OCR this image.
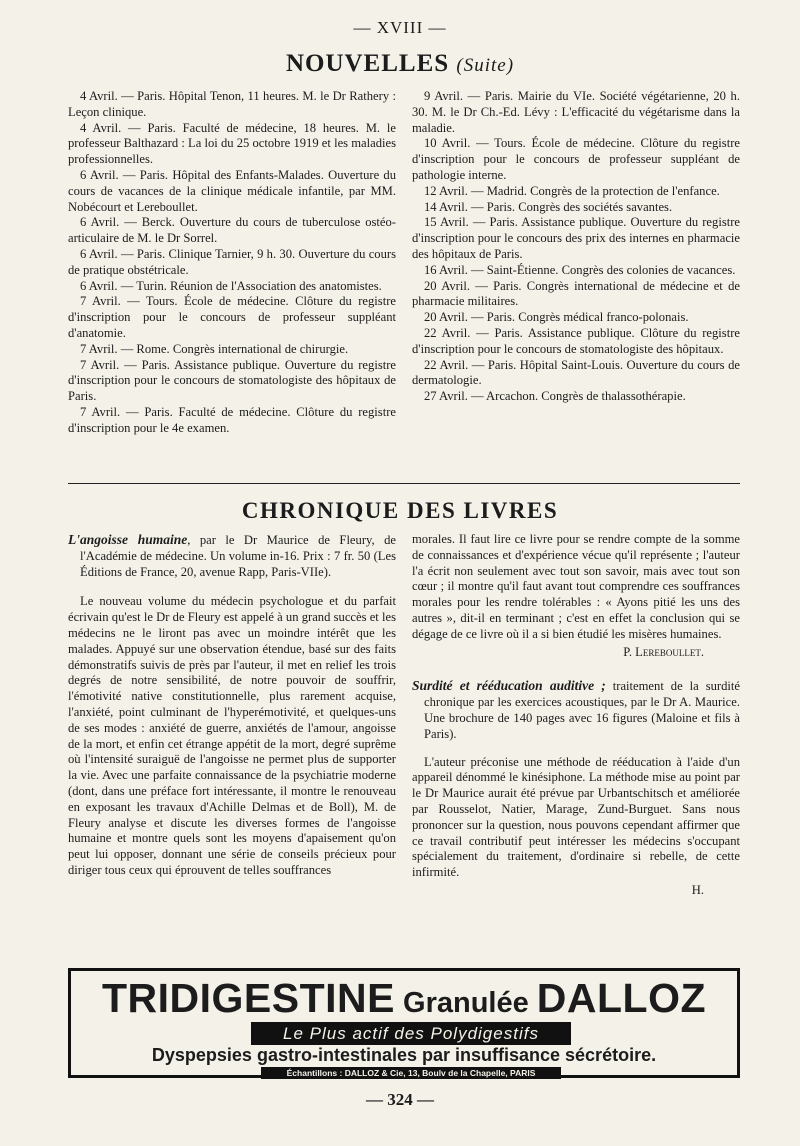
— XVIII —
NOUVELLES (Suite)

4 Avril. — Paris. Hôpital Tenon, 11 heures. M. le Dr Rathery : Leçon clinique.

4 Avril. — Paris. Faculté de médecine, 18 heures. M. le professeur Balthazard : La loi du 25 octobre 1919 et les maladies professionnelles.

6 Avril. — Paris. Hôpital des Enfants-Malades. Ouverture du cours de vacances de la clinique médicale infantile, par MM. Nobécourt et Lereboullet.

6 Avril. — Berck. Ouverture du cours de tuberculose ostéo-articulaire de M. le Dr Sorrel.

6 Avril. — Paris. Clinique Tarnier, 9 h. 30. Ouverture du cours de pratique obstétricale.

6 Avril. — Turin. Réunion de l'Association des anatomistes.

7 Avril. — Tours. École de médecine. Clôture du registre d'inscription pour le concours de professeur suppléant d'anatomie.

7 Avril. — Rome. Congrès international de chirurgie.

7 Avril. — Paris. Assistance publique. Ouverture du registre d'inscription pour le concours de stomatologiste des hôpitaux de Paris.

7 Avril. — Paris. Faculté de médecine. Clôture du registre d'inscription pour le 4e examen.

9 Avril. — Paris. Mairie du VIe. Société végétarienne, 20 h. 30. M. le Dr Ch.-Ed. Lévy : L'efficacité du végétarisme dans la maladie.

10 Avril. — Tours. École de médecine. Clôture du registre d'inscription pour le concours de professeur suppléant de pathologie interne.

12 Avril. — Madrid. Congrès de la protection de l'enfance.

14 Avril. — Paris. Congrès des sociétés savantes.

15 Avril. — Paris. Assistance publique. Ouverture du registre d'inscription pour le concours des prix des internes en pharmacie des hôpitaux de Paris.

16 Avril. — Saint-Étienne. Congrès des colonies de vacances.

20 Avril. — Paris. Congrès international de médecine et de pharmacie militaires.

20 Avril. — Paris. Congrès médical franco-polonais.

22 Avril. — Paris. Assistance publique. Clôture du registre d'inscription pour le concours de stomatologiste des hôpitaux.

22 Avril. — Paris. Hôpital Saint-Louis. Ouverture du cours de dermatologie.

27 Avril. — Arcachon. Congrès de thalassothérapie.

CHRONIQUE DES LIVRES

L'angoisse humaine, par le Dr Maurice de Fleury, de l'Académie de médecine. Un volume in-16. Prix : 7 fr. 50 (Les Éditions de France, 20, avenue Rapp, Paris-VIIe).

Le nouveau volume du médecin psychologue et du parfait écrivain qu'est le Dr de Fleury est appelé à un grand succès et les médecins ne le liront pas avec un moindre intérêt que les malades. Appuyé sur une observation étendue, basé sur des faits démonstratifs suivis de près par l'auteur, il met en relief les trois degrés de notre sensibilité, de notre pouvoir de souffrir, l'émotivité native constitutionnelle, plus rarement acquise, l'anxiété, point culminant de l'hyperémotivité, et quelques-uns de ses modes : anxiété de guerre, anxiétés de l'amour, angoisse de la mort, et enfin cet étrange appétit de la mort, degré suprême où l'intensité suraiguë de l'angoisse ne permet plus de supporter la vie. Avec une parfaite connaissance de la psychiatrie moderne (dont, dans une préface fort intéressante, il montre le renouveau en exposant les travaux d'Achille Delmas et de Boll), M. de Fleury analyse et discute les diverses formes de l'angoisse humaine et montre quels sont les moyens d'apaisement qu'on peut lui opposer, donnant une série de conseils précieux pour diriger tous ceux qui éprouvent de telles souffrances

morales. Il faut lire ce livre pour se rendre compte de la somme de connaissances et d'expérience vécue qu'il représente ; l'auteur l'a écrit non seulement avec tout son savoir, mais avec tout son cœur ; il montre qu'il faut avant tout comprendre ces souffrances morales pour les rendre tolérables : « Ayons pitié les uns des autres », dit-il en terminant ; c'est en effet la conclusion qui se dégage de ce livre où il a si bien étudié les misères humaines.

P. Lereboullet.

Surdité et rééducation auditive ; traitement de la surdité chronique par les exercices acoustiques, par le Dr A. Maurice. Une brochure de 140 pages avec 16 figures (Maloine et fils à Paris).

L'auteur préconise une méthode de rééducation à l'aide d'un appareil dénommé le kinésiphone. La méthode mise au point par le Dr Maurice aurait été prévue par Urbantschitsch et améliorée par Rousselot, Natier, Marage, Zund-Burguet. Sans nous prononcer sur la question, nous pouvons cependant affirmer que ce travail contributif peut intéresser les médecins s'occupant spécialement du traitement, d'ordinaire si rebelle, de cette infirmité.

H.

TRIDIGESTINE Granulée DALLOZ
Le Plus actif des Polydigestifs
Dyspepsies gastro-intestinales par insuffisance sécrétoire.
Échantillons : DALLOZ & Cie, 13, Boulv de la Chapelle, PARIS
— 324 —
